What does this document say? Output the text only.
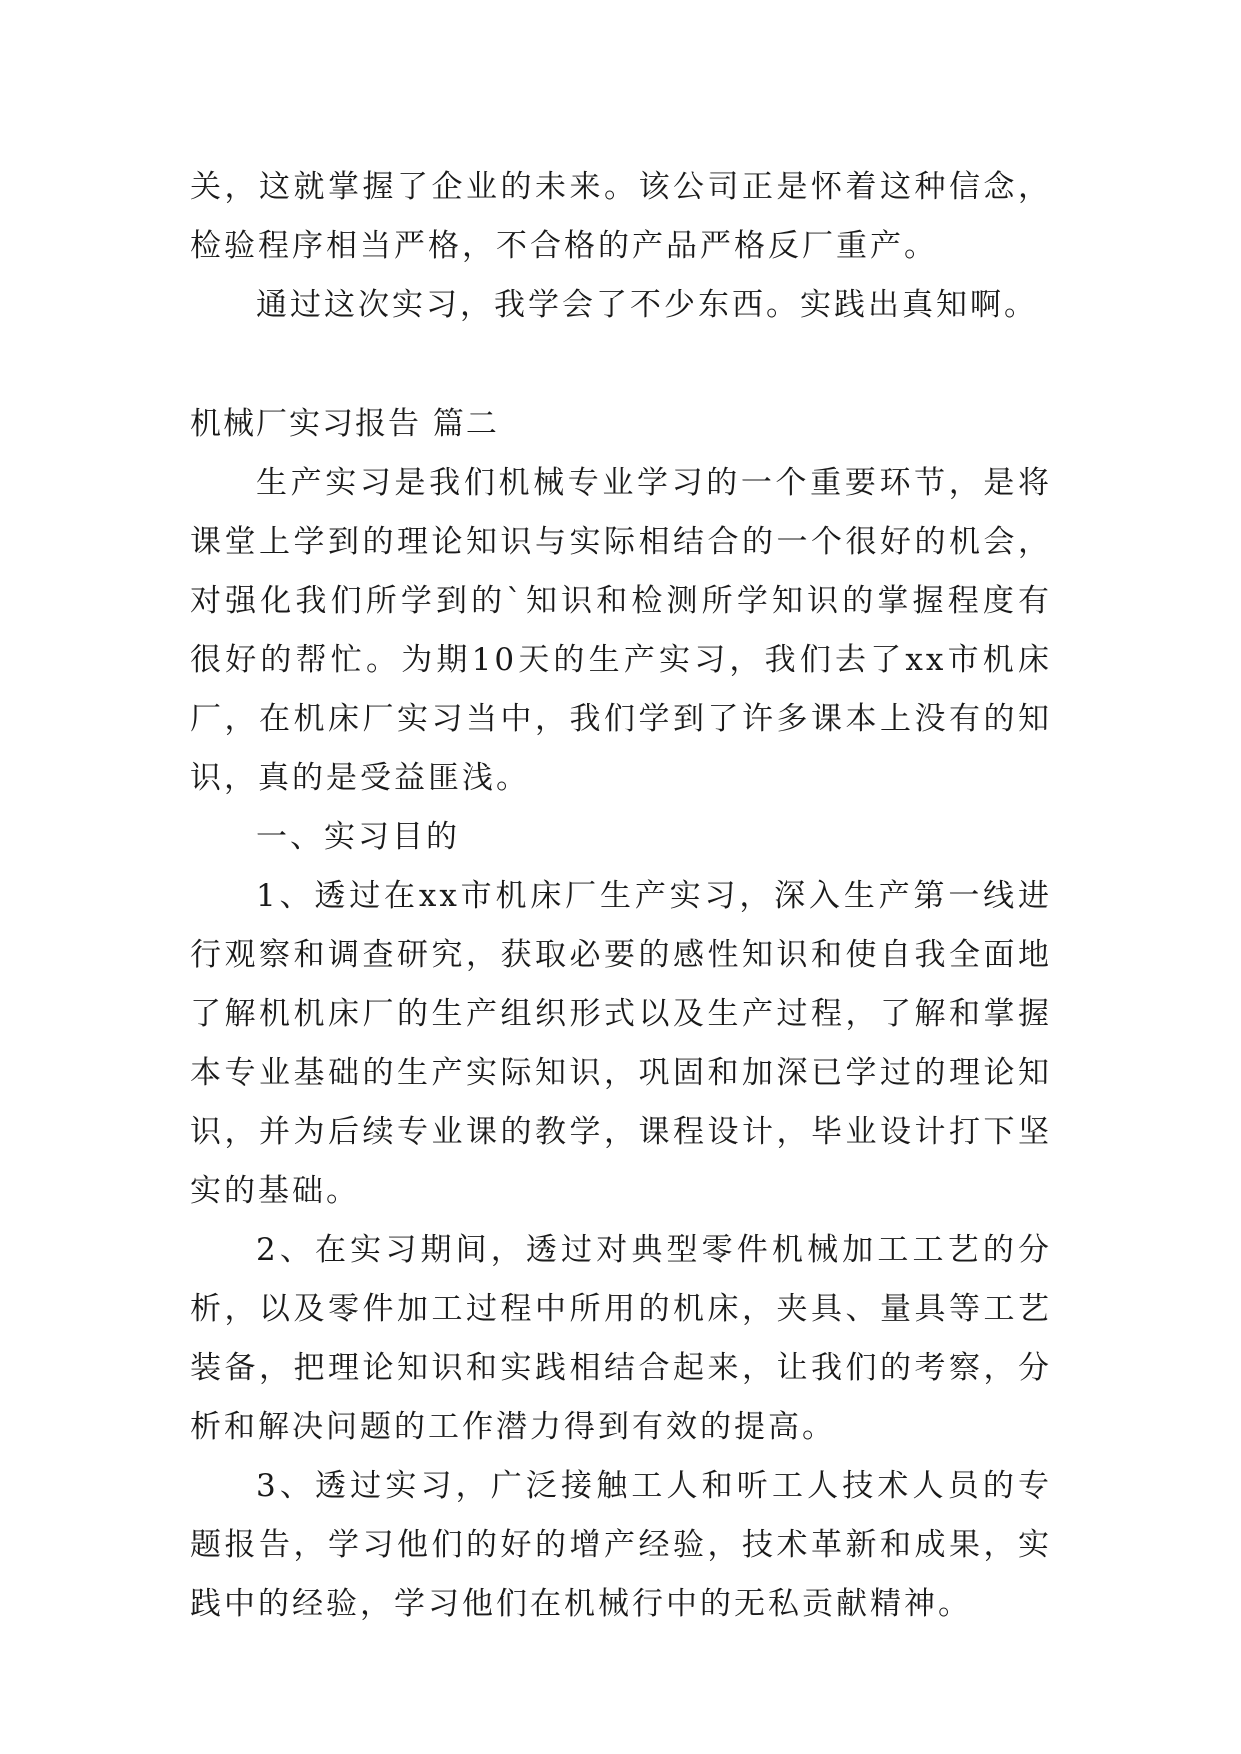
关，这就掌握了企业的未来。该公司正是怀着这种信念，检验程序相当严格，不合格的产品严格反厂重产。

通过这次实习，我学会了不少东西。实践出真知啊。

机械厂实习报告 篇二

生产实习是我们机械专业学习的一个重要环节，是将课堂上学到的理论知识与实际相结合的一个很好的机会，对强化我们所学到的`知识和检测所学知识的掌握程度有很好的帮忙。为期10天的生产实习，我们去了xx市机床厂，在机床厂实习当中，我们学到了许多课本上没有的知识，真的是受益匪浅。

一、实习目的

1、透过在xx市机床厂生产实习，深入生产第一线进行观察和调查研究，获取必要的感性知识和使自我全面地了解机机床厂的生产组织形式以及生产过程，了解和掌握本专业基础的生产实际知识，巩固和加深已学过的理论知识，并为后续专业课的教学，课程设计，毕业设计打下坚实的基础。

2、在实习期间，透过对典型零件机械加工工艺的分析，以及零件加工过程中所用的机床，夹具、量具等工艺装备，把理论知识和实践相结合起来，让我们的考察，分析和解决问题的工作潜力得到有效的提高。

3、透过实习，广泛接触工人和听工人技术人员的专题报告，学习他们的好的增产经验，技术革新和成果，实践中的经验，学习他们在机械行中的无私贡献精神。
